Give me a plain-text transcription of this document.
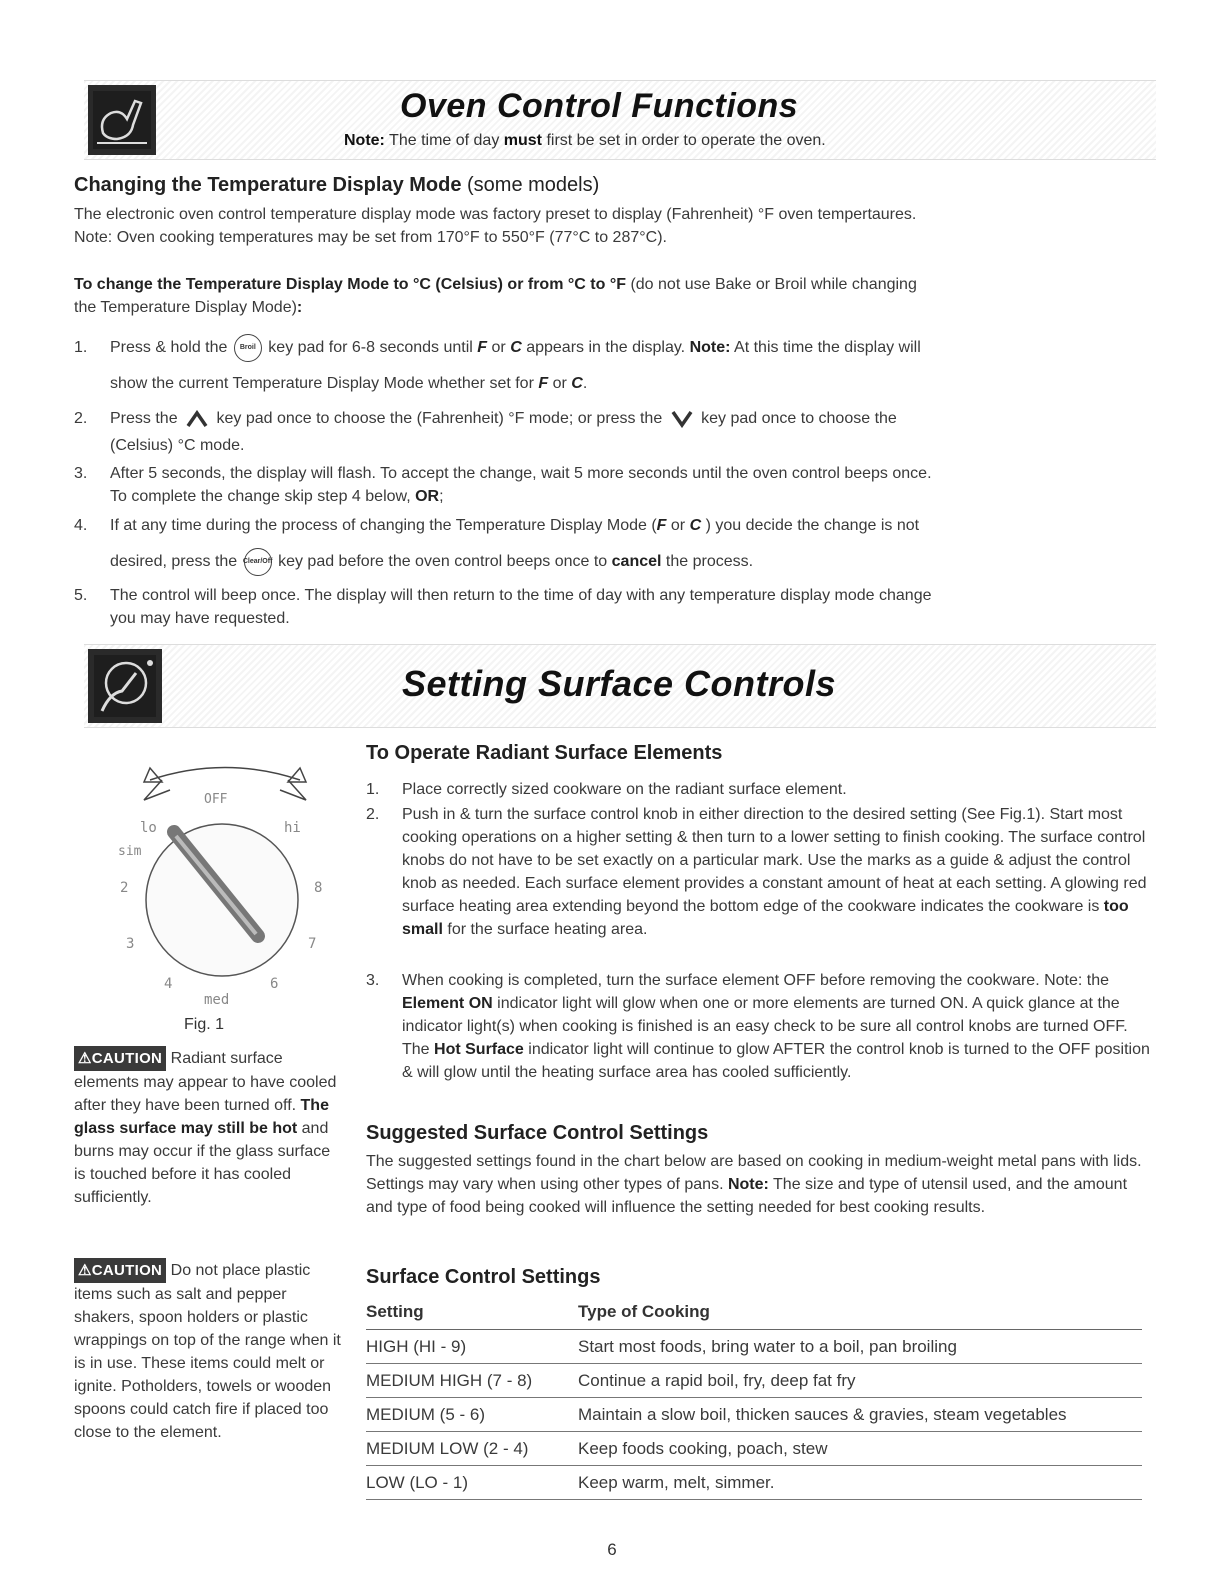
Oven Control Functions
Note: The time of day must first be set in order to operate the oven.
Changing the Temperature Display Mode (some models)
The electronic oven control temperature display mode was factory preset to display (Fahrenheit) °F oven tempertaures.
Note: Oven cooking temperatures may be set from 170°F to 550°F (77°C to 287°C).
To change the Temperature Display Mode to °C (Celsius) or from °C to °F (do not use Bake or Broil while changing
the Temperature Display Mode):
1. Press & hold the Broil key pad for 6-8 seconds until F or C appears in the display. Note: At this time the display will
show the current Temperature Display Mode whether set for F or C.
2. Press the  key pad once to choose the (Fahrenheit) °F mode; or press the  key pad once to choose the
(Celsius) °C mode.
3. After 5 seconds, the display will flash. To accept the change, wait 5 more seconds until the oven control beeps once.
To complete the change skip step 4 below, OR;
4. If at any time during the process of changing the Temperature Display Mode (F or C ) you decide the change is not
desired, press the Clear /Off key pad before the oven control beeps once to cancel the process.
5. The control will beep once. The display will then return to the time of day with any temperature display mode change
you may have requested.
Setting Surface Controls
OFF
lo	hi
sim
2	8
3	7
4	6
med
Fig. 1
⚠CAUTION Radiant surface elements may appear to have cooled after they have been turned off. The glass surface may still be hot and burns may occur if the glass surface is touched before it has cooled sufficiently.
⚠CAUTION Do not place plastic items such as salt and pepper shakers, spoon holders or plastic wrappings on top of the range when it is in use. These items could melt or ignite. Potholders, towels or wooden spoons could catch fire if placed too close to the element.
To Operate Radiant Surface Elements
1. Place correctly sized cookware on the radiant surface element.
2. Push in & turn the surface control knob in either direction to the desired setting (See Fig.1). Start most cooking operations on a higher setting & then turn to a lower setting to finish cooking. The surface control knobs do not have to be set exactly on a particular mark. Use the marks as a guide & adjust the control knob as needed. Each surface element provides a constant amount of heat at each setting. A glowing red surface heating area extending beyond the bottom edge of the cookware indicates the cookware is too small for the surface heating area.
3. When cooking is completed, turn the surface element OFF before removing the cookware. Note: the Element ON indicator light will glow when one or more elements are turned ON. A quick glance at the indicator light(s) when cooking is finished is an easy check to be sure all control knobs are turned OFF. The Hot Surface indicator light will continue to glow AFTER the control knob is turned to the OFF position & will glow until the heating surface area has cooled sufficiently.
Suggested Surface Control Settings
The suggested settings found in the chart below are based on cooking in medium-weight metal pans with lids. Settings may vary when using other types of pans. Note: The size and type of utensil used, and the amount and type of food being cooked will influence the setting needed for best cooking results.
Surface Control Settings
Setting	Type of Cooking
HIGH (HI - 9)	Start most foods, bring water to a boil, pan broiling
MEDIUM HIGH (7 - 8)	Continue a rapid boil, fry, deep fat fry
MEDIUM (5 - 6)	Maintain a slow boil, thicken sauces & gravies, steam vegetables
MEDIUM LOW (2 - 4)	Keep foods cooking, poach, stew
LOW (LO - 1)	Keep warm, melt, simmer.
6
